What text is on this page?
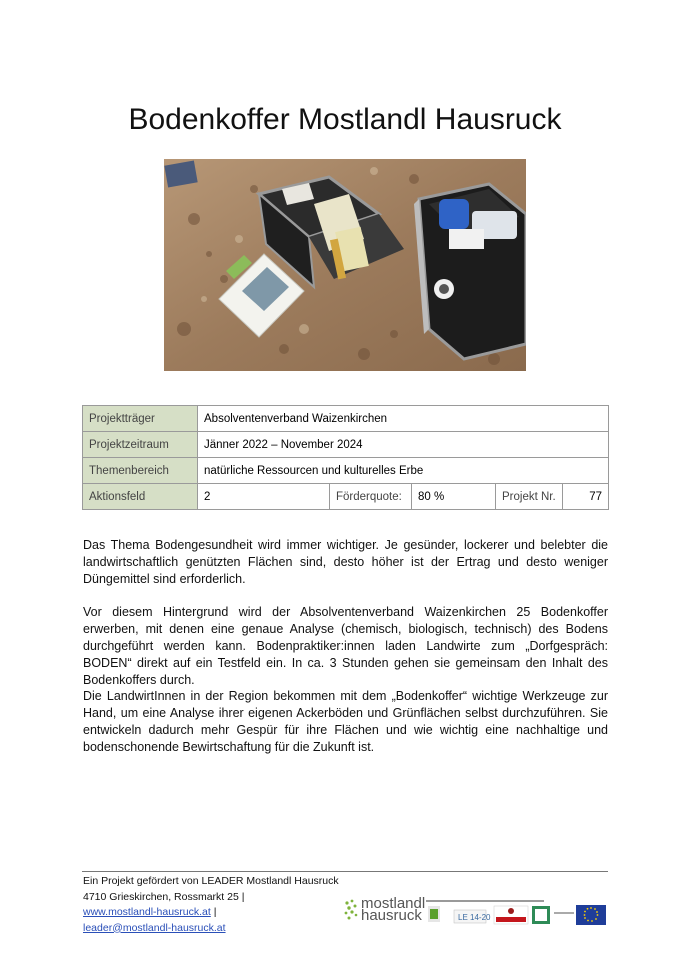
Bodenkoffer Mostlandl Hausruck
Projektträger	Absolventenverband Waizenkirchen				
Projektzeitraum	Jänner 2022 – November 2024				
Themenbereich	natürliche Ressourcen und kulturelles Erbe				
Aktionsfeld	2	Förderquote:	80 %	Projekt Nr.	77

Das Thema Bodengesundheit wird immer wichtiger. Je gesünder, lockerer und belebter die landwirtschaftlich genützten Flächen sind, desto höher ist der Ertrag und desto weniger Düngemittel sind erforderlich.

Vor diesem Hintergrund wird der Absolventenverband Waizenkirchen 25 Bodenkoffer erwerben, mit denen eine genaue Analyse (chemisch, biologisch, technisch) des Bodens durchgeführt werden kann. Bodenpraktiker:innen laden Landwirte zum „Dorfgespräch: BODEN“ direkt auf ein Testfeld ein. In ca. 3 Stunden gehen sie gemeinsam den Inhalt des Bodenkoffers durch.

Die LandwirtInnen in der Region bekommen mit dem „Bodenkoffer“ wichtige Werkzeuge zur Hand, um eine Analyse ihrer eigenen Ackerböden und Grünflächen selbst durchzuführen. Sie entwickeln dadurch mehr Gespür für ihre Flächen und wie wichtig eine nachhaltige und bodenschonende Bewirtschaftung für die Zukunft ist.

Ein Projekt gefördert von LEADER Mostlandl Hausruck
4710 Grieskirchen, Rossmarkt 25 |
www.mostlandl-hausruck.at |
leader@mostlandl-hausruck.at
mostlandl
hausruck	LE 14-20
